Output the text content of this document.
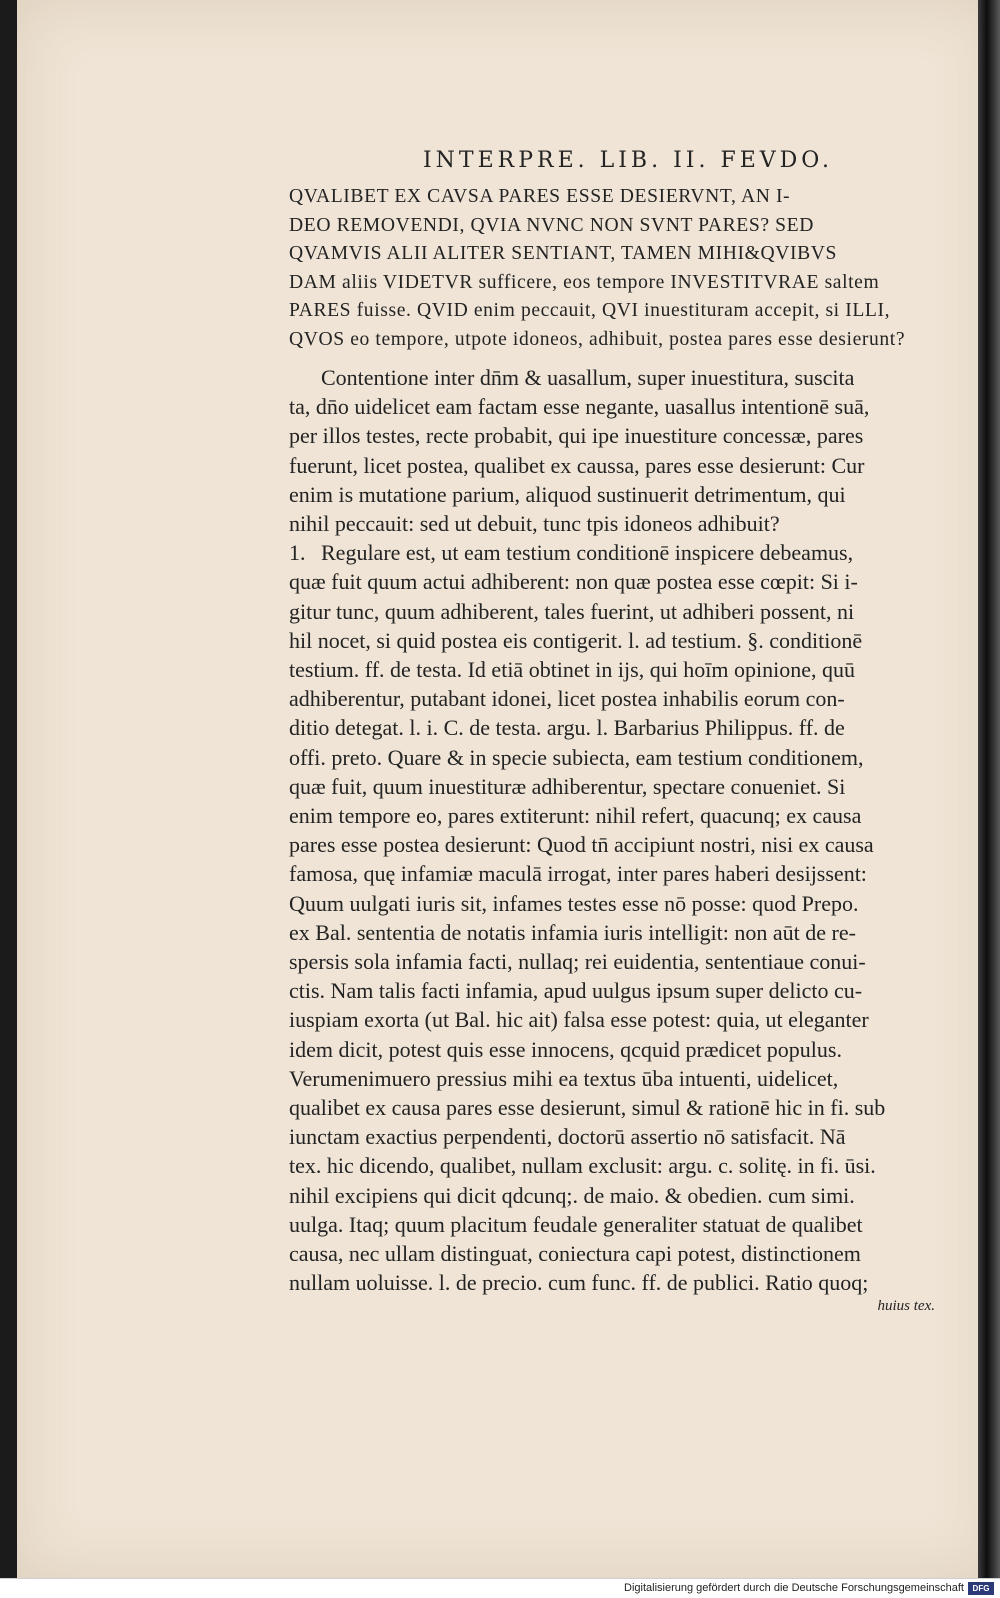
INTERPRE. LIB. II. FEVDO.
QVALIBET EX CAVSA PARES ESSE DESIERVNT, AN I-
DEO REMOVENDI, QVIA NVNC NON SVNT PARES? SED
QVAMVIS ALII ALITER SENTIANT, TAMEN MIHI&QVIBVS
DAM aliis VIDETVR sufficere, eos tempore INVESTITVRAE saltem
PARES fuisse. QVID enim peccauit, QVI inuestituram accepit, si ILLI,
QVOS eo tempore, utpote idoneos, adhibuit, postea pares esse desierunt?
Contentione inter dn̄m & uasallum, super inuestitura, suscita
ta, dn̄o uidelicet eam factam esse negante, uasallus intentionē suā,
per illos testes, recte probabit, qui ipe inuestiture concessæ, pares
fuerunt, licet postea, qualibet ex caussa, pares esse desierunt: Cur
enim is mutatione parium, aliquod sustinuerit detrimentum, qui
nihil peccauit: sed ut debuit, tunc tpis idoneos adhibuit?
1. Regulare est, ut eam testium conditionē inspicere debeamus,
quæ fuit quum actui adhiberent: non quæ postea esse cœpit: Si i-
gitur tunc, quum adhiberent, tales fuerint, ut adhiberi possent, ni
hil nocet, si quid postea eis contigerit. l. ad testium. §. conditionē
testium. ff. de testa. Id etiā obtinet in ijs, qui hoīm opinione, quū
adhiberentur, putabant idonei, licet postea inhabilis eorum con-
ditio detegat. l. i. C. de testa. argu. l. Barbarius Philippus. ff. de
offi. preto. Quare & in specie subiecta, eam testium conditionem,
quæ fuit, quum inuestituræ adhiberentur, spectare conueniet. Si
enim tempore eo, pares extiterunt: nihil refert, quacunq; ex causa
pares esse postea desierunt: Quod tn̄ accipiunt nostri, nisi ex causa
famosa, quę infamiæ maculā irrogat, inter pares haberi desijssent:
Quum uulgati iuris sit, infames testes esse nō posse: quod Prepo.
ex Bal. sententia de notatis infamia iuris intelligit: non aūt de re-
spersis sola infamia facti, nullaq; rei euidentia, sententiaue conui-
ctis. Nam talis facti infamia, apud uulgus ipsum super delicto cu-
iuspiam exorta (ut Bal. hic ait) falsa esse potest: quia, ut eleganter
idem dicit, potest quis esse innocens, qcquid prædicet populus.
Verumenimuero pressius mihi ea textus ūba intuenti, uidelicet,
qualibet ex causa pares esse desierunt, simul & rationē hic in fi. sub
iunctam exactius perpendenti, doctorū assertio nō satisfacit. Nā
tex. hic dicendo, qualibet, nullam exclusit: argu. c. solitę. in fi. ūsi.
nihil excipiens qui dicit qdcunq;. de maio. & obedien. cum simi.
uulga. Itaq; quum placitum feudale generaliter statuat de qualibet
causa, nec ullam distinguat, coniectura capi potest, distinctionem
nullam uoluisse. l. de precio. cum func. ff. de publici. Ratio quoq;
huius tex.
Digitalisierung gefördert durch die Deutsche Forschungsgemeinschaft	DFG
